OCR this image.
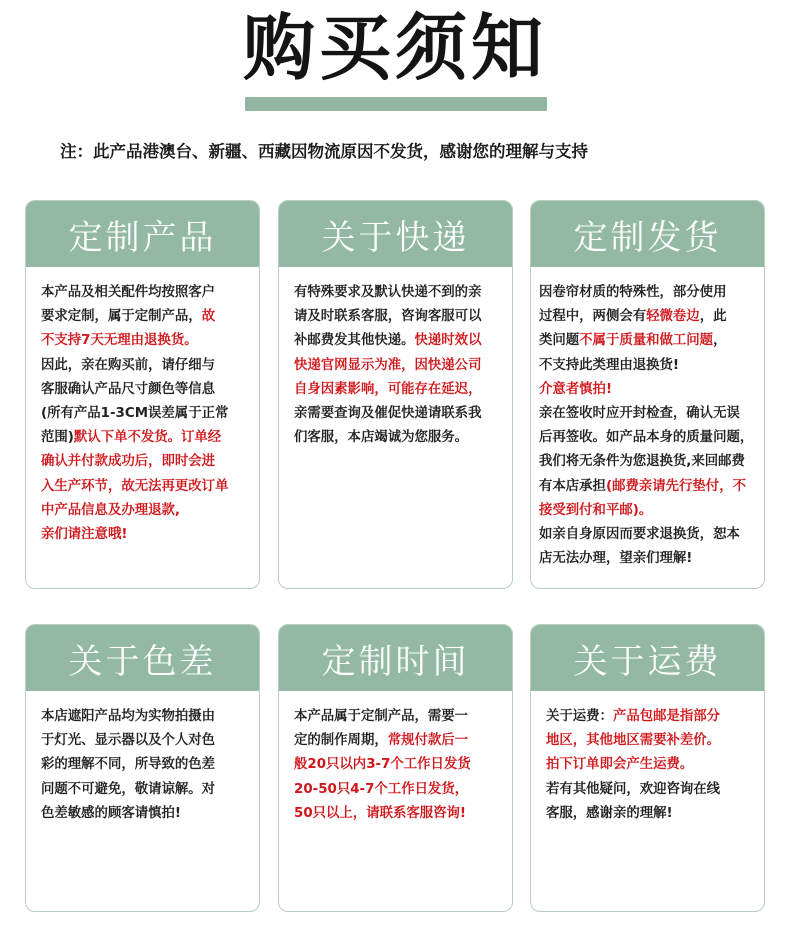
购买须知
注：此产品港澳台、新疆、西藏因物流原因不发货，感谢您的理解与支持
定制产品
本产品及相关配件均按照客户
要求定制，属于定制产品，故
不支持7天无理由退换货。
因此，亲在购买前，请仔细与
客服确认产品尺寸颜色等信息
(所有产品1-3CM误差属于正常
范围)默认下单不发货。订单经
确认并付款成功后，即时会进
入生产环节，故无法再更改订单
中产品信息及办理退款,
亲们请注意哦!
关于快递
有特殊要求及默认快递不到的亲
请及时联系客服，咨询客服可以
补邮费发其他快递。快递时效以
快递官网显示为准，因快递公司
自身因素影响，可能存在延迟，
亲需要查询及催促快递请联系我
们客服，本店竭诚为您服务。
定制发货
因卷帘材质的特殊性，部分使用
过程中，两侧会有轻微卷边，此
类问题不属于质量和做工问题，
不支持此类理由退换货!
介意者慎拍!
亲在签收时应开封检查，确认无误
后再签收。如产品本身的质量问题，
我们将无条件为您退换货,来回邮费
有本店承担(邮费亲请先行垫付，不
接受到付和平邮)。
如亲自身原因而要求退换货，恕本
店无法办理，望亲们理解!
关于色差
本店遮阳产品均为实物拍摄由
于灯光、显示器以及个人对色
彩的理解不同，所导致的色差
问题不可避免，敬请谅解。对
色差敏感的顾客请慎拍!
定制时间
本产品属于定制产品，需要一
定的制作周期，常规付款后一
般20只以内3-7个工作日发货
20-50只4-7个工作日发货，
50只以上，请联系客服咨询!
关于运费
关于运费：产品包邮是指部分
地区，其他地区需要补差价。
拍下订单即会产生运费。
若有其他疑问，欢迎咨询在线
客服，感谢亲的理解!
